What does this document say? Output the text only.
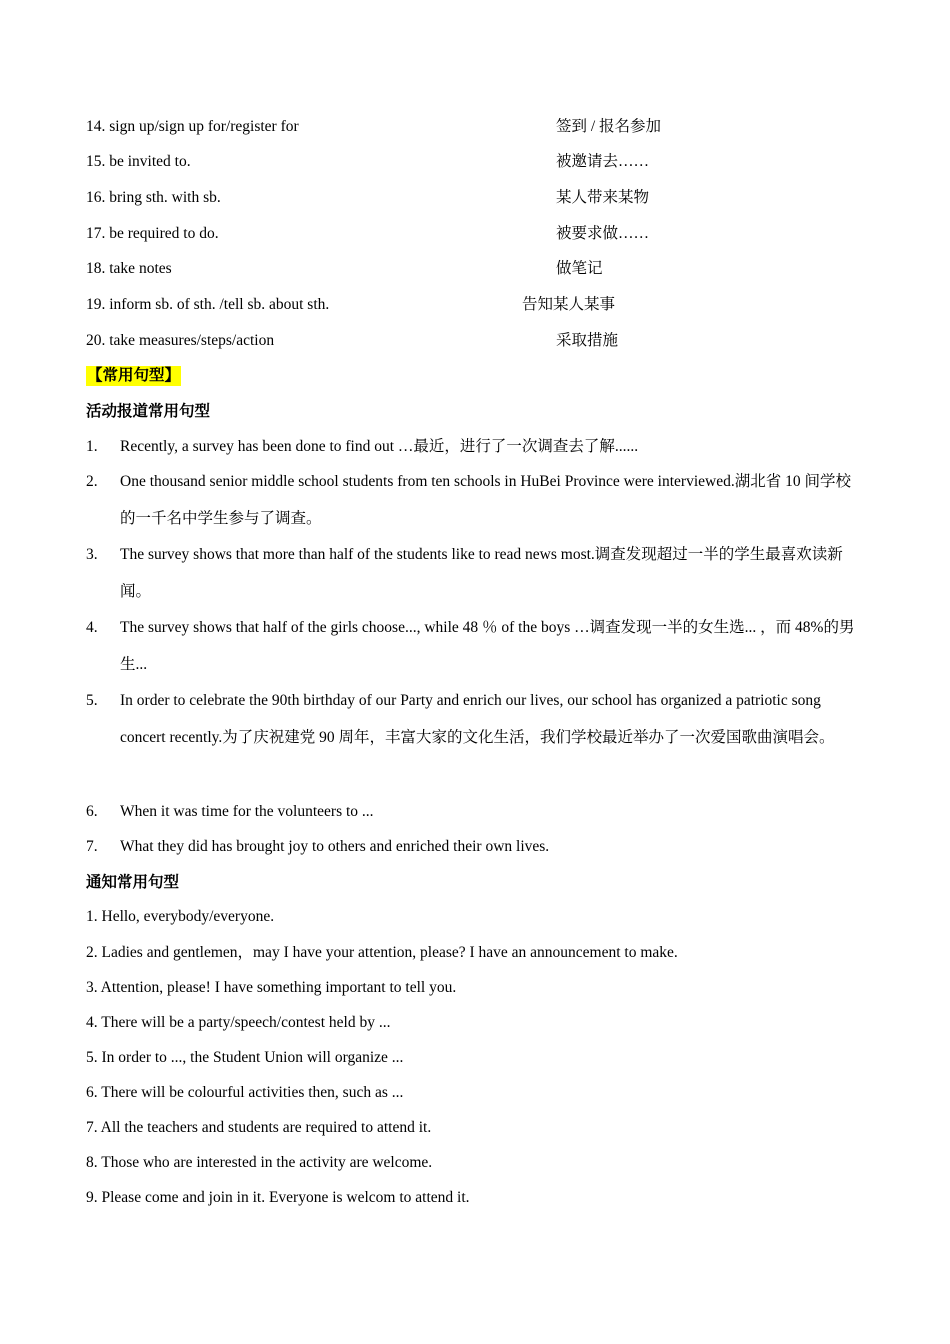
14. sign up/sign up for/register for	签到 / 报名参加
15. be invited to.	被邀请去……
16. bring sth. with sb.	某人带来某物
17. be required to do.	被要求做……
18. take notes	做笔记
19. inform sb. of sth. /tell sb. about sth.	告知某人某事
20. take measures/steps/action	采取措施
【常用句型】
活动报道常用句型
1. Recently, a survey has been done to find out …最近，进行了一次调查去了解......
2. One thousand senior middle school students from ten schools in HuBei Province were interviewed.湖北省 10 间学校的一千名中学生参与了调查。
3. The survey shows that more than half of the students like to read news most.调查发现超过一半的学生最喜欢读新闻。
4. The survey shows that half of the girls choose..., while 48 ％ of the boys …调查发现一半的女生选... ，而 48%的男生...
5. In order to celebrate the 90th birthday of our Party and enrich our lives, our school has organized a patriotic song concert recently.为了庆祝建党 90 周年，丰富大家的文化生活，我们学校最近举办了一次爱国歌曲演唱会。
6. When it was time for the volunteers to ...
7. What they did has brought joy to others and enriched their own lives.
通知常用句型
1. Hello, everybody/everyone.
2. Ladies and gentlemen，may I have your attention, please? I have an announcement to make.
3. Attention, please! I have something important to tell you.
4. There will be a party/speech/contest held by ...
5. In order to ..., the Student Union will organize ...
6. There will be colourful activities then, such as ...
7. All the teachers and students are required to attend it.
8. Those who are interested in the activity are welcome.
9. Please come and join in it. Everyone is welcom to attend it.
